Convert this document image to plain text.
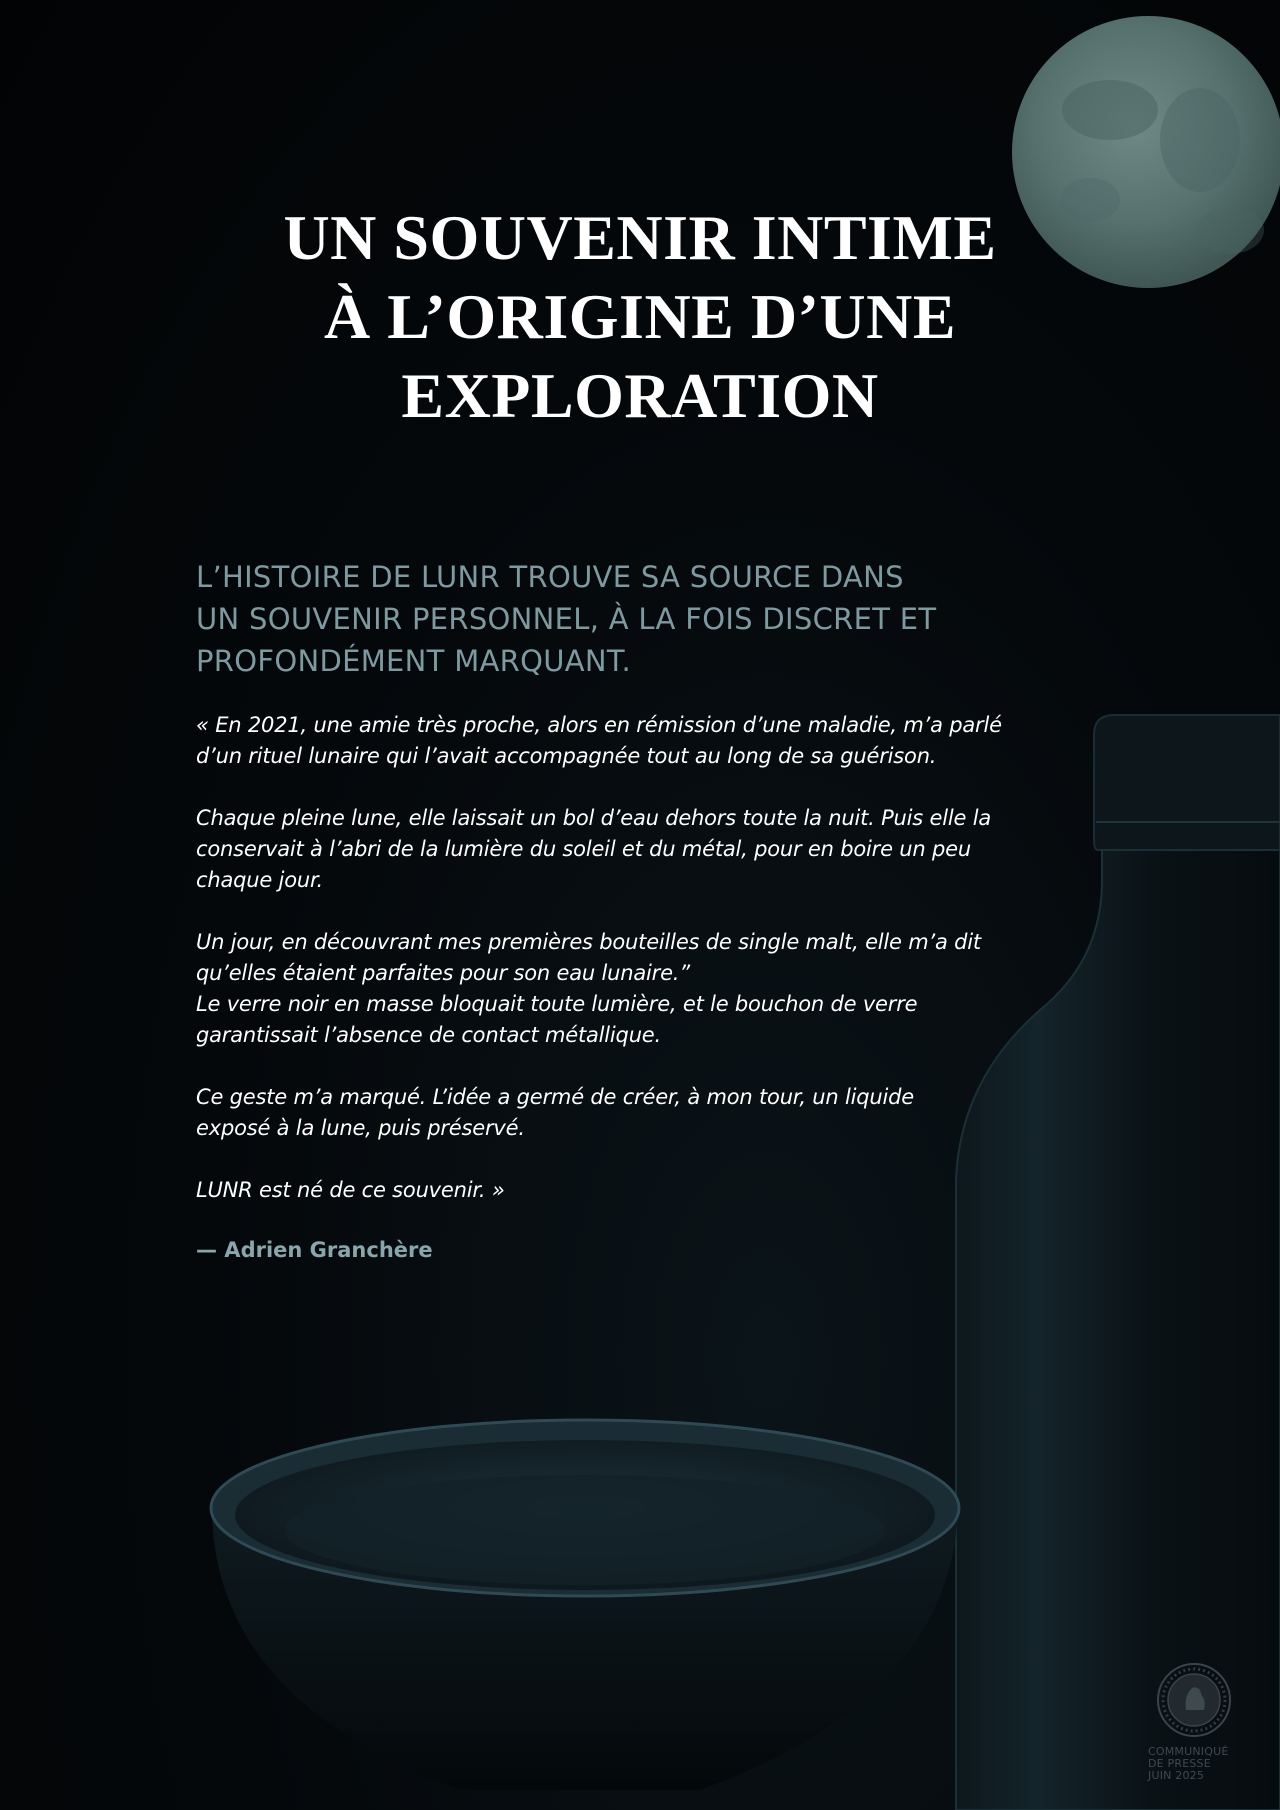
UN SOUVENIR INTIME
À L’ORIGINE D’UNE
EXPLORATION

L’HISTOIRE DE LUNR TROUVE SA SOURCE DANS
UN SOUVENIR PERSONNEL, À LA FOIS DISCRET ET
PROFONDÉMENT MARQUANT.

« En 2021, une amie très proche, alors en rémission d’une maladie, m’a parlé
d’un rituel lunaire qui l’avait accompagnée tout au long de sa guérison.

Chaque pleine lune, elle laissait un bol d’eau dehors toute la nuit. Puis elle la
conservait à l’abri de la lumière du soleil et du métal, pour en boire un peu
chaque jour.

Un jour, en découvrant mes premières bouteilles de single malt, elle m’a dit
qu’elles étaient parfaites pour son eau lunaire.”
Le verre noir en masse bloquait toute lumière, et le bouchon de verre
garantissait l’absence de contact métallique.

Ce geste m’a marqué. L’idée a germé de créer, à mon tour, un liquide
exposé à la lune, puis préservé.

LUNR est né de ce souvenir. »

— Adrien Granchère

COMMUNIQUÉ
DE PRESSE
JUIN 2025
